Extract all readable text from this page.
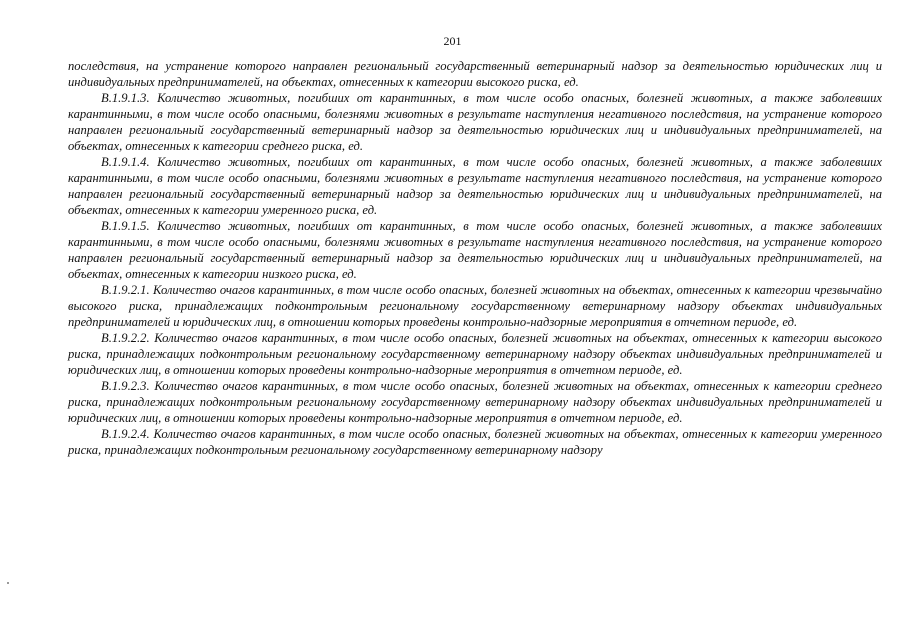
201

последствия, на устранение которого направлен региональный государственный ветеринарный надзор за деятельностью юридических лиц и индивидуальных предпринимателей, на объектах, отнесенных к категории высокого риска, ед.

В.1.9.1.3. Количество животных, погибших от карантинных, в том числе особо опасных, болезней животных, а также заболевших карантинными, в том числе особо опасными, болезнями животных в результате наступления негативного последствия, на устранение которого направлен региональный государственный ветеринарный надзор за деятельностью юридических лиц и индивидуальных предпринимателей, на объектах, отнесенных к категории среднего риска, ед.

В.1.9.1.4. Количество животных, погибших от карантинных, в том числе особо опасных, болезней животных, а также заболевших карантинными, в том числе особо опасными, болезнями животных в результате наступления негативного последствия, на устранение которого направлен региональный государственный ветеринарный надзор за деятельностью юридических лиц и индивидуальных предпринимателей, на объектах, отнесенных к категории умеренного риска, ед.

В.1.9.1.5. Количество животных, погибших от карантинных, в том числе особо опасных, болезней животных, а также заболевших карантинными, в том числе особо опасными, болезнями животных в результате наступления негативного последствия, на устранение которого направлен региональный государственный ветеринарный надзор за деятельностью юридических лиц и индивидуальных предпринимателей, на объектах, отнесенных к категории низкого риска, ед.

В.1.9.2.1. Количество очагов карантинных, в том числе особо опасных, болезней животных на объектах, отнесенных к категории чрезвычайно высокого риска, принадлежащих подконтрольным региональному государственному ветеринарному надзору объектах индивидуальных предпринимателей и юридических лиц, в отношении которых проведены контрольно-надзорные мероприятия в отчетном периоде, ед.

В.1.9.2.2. Количество очагов карантинных, в том числе особо опасных, болезней животных на объектах, отнесенных к категории высокого риска, принадлежащих подконтрольным региональному государственному ветеринарному надзору объектах индивидуальных предпринимателей и юридических лиц, в отношении которых проведены контрольно-надзорные мероприятия в отчетном периоде, ед.

В.1.9.2.3. Количество очагов карантинных, в том числе особо опасных, болезней животных на объектах, отнесенных к категории среднего риска, принадлежащих подконтрольным региональному государственному ветеринарному надзору объектах индивидуальных предпринимателей и юридических лиц, в отношении которых проведены контрольно-надзорные мероприятия в отчетном периоде, ед.

В.1.9.2.4. Количество очагов карантинных, в том числе особо опасных, болезней животных на объектах, отнесенных к категории умеренного риска, принадлежащих подконтрольным региональному государственному ветеринарному надзору
